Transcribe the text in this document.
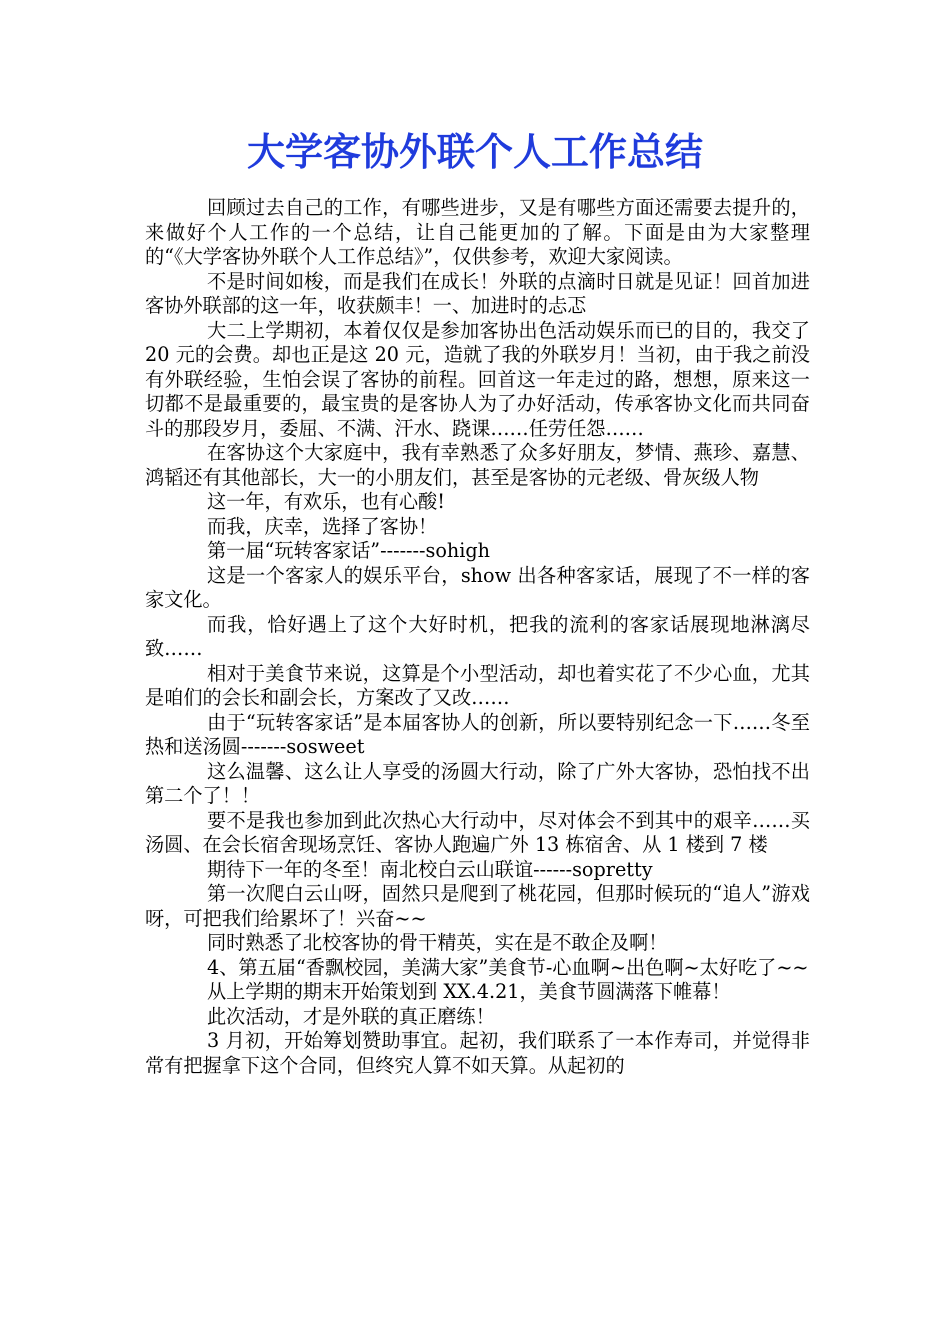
大学客协外联个人工作总结

回顾过去自己的工作，有哪些进步，又是有哪些方面还需要去提升的，来做好个人工作的一个总结，让自己能更加的了解。下面是由为大家整理的“《大学客协外联个人工作总结》”，仅供参考，欢迎大家阅读。

不是时间如梭，而是我们在成长！外联的点滴时日就是见证！回首加进客协外联部的这一年，收获颇丰！一、加进时的忐忑

大二上学期初，本着仅仅是参加客协出色活动娱乐而已的目的，我交了 20 元的会费。却也正是这 20 元，造就了我的外联岁月！当初，由于我之前没有外联经验，生怕会误了客协的前程。回首这一年走过的路，想想，原来这一切都不是最重要的，最宝贵的是客协人为了办好活动，传承客协文化而共同奋斗的那段岁月，委屈、不满、汗水、跷课……任劳任怨……

在客协这个大家庭中，我有幸熟悉了众多好朋友，梦情、燕珍、嘉慧、鸿韬还有其他部长，大一的小朋友们，甚至是客协的元老级、骨灰级人物

这一年，有欢乐，也有心酸!

而我，庆幸，选择了客协！

第一届“玩转客家话”-------sohigh

这是一个客家人的娱乐平台，show 出各种客家话，展现了不一样的客家文化。

而我，恰好遇上了这个大好时机，把我的流利的客家话展现地淋漓尽致……

相对于美食节来说，这算是个小型活动，却也着实花了不少心血，尤其是咱们的会长和副会长，方案改了又改……

由于“玩转客家话”是本届客协人的创新，所以要特别纪念一下……冬至热和送汤圆-------sosweet

这么温馨、这么让人享受的汤圆大行动，除了广外大客协，恐怕找不出第二个了！！

要不是我也参加到此次热心大行动中，尽对体会不到其中的艰辛……买汤圆、在会长宿舍现场烹饪、客协人跑遍广外 13 栋宿舍、从 1 楼到 7 楼

期待下一年的冬至！南北校白云山联谊------sopretty

第一次爬白云山呀，固然只是爬到了桃花园，但那时候玩的“追人”游戏呀，可把我们给累坏了！兴奋~~

同时熟悉了北校客协的骨干精英，实在是不敢企及啊！

4、第五届“香飘校园，美满大家”美食节-心血啊~出色啊~太好吃了~~

从上学期的期末开始策划到 XX.4.21，美食节圆满落下帷幕！

此次活动，才是外联的真正磨练！

3 月初，开始筹划赞助事宜。起初，我们联系了一本作寿司，并觉得非常有把握拿下这个合同，但终究人算不如天算。从起初的
